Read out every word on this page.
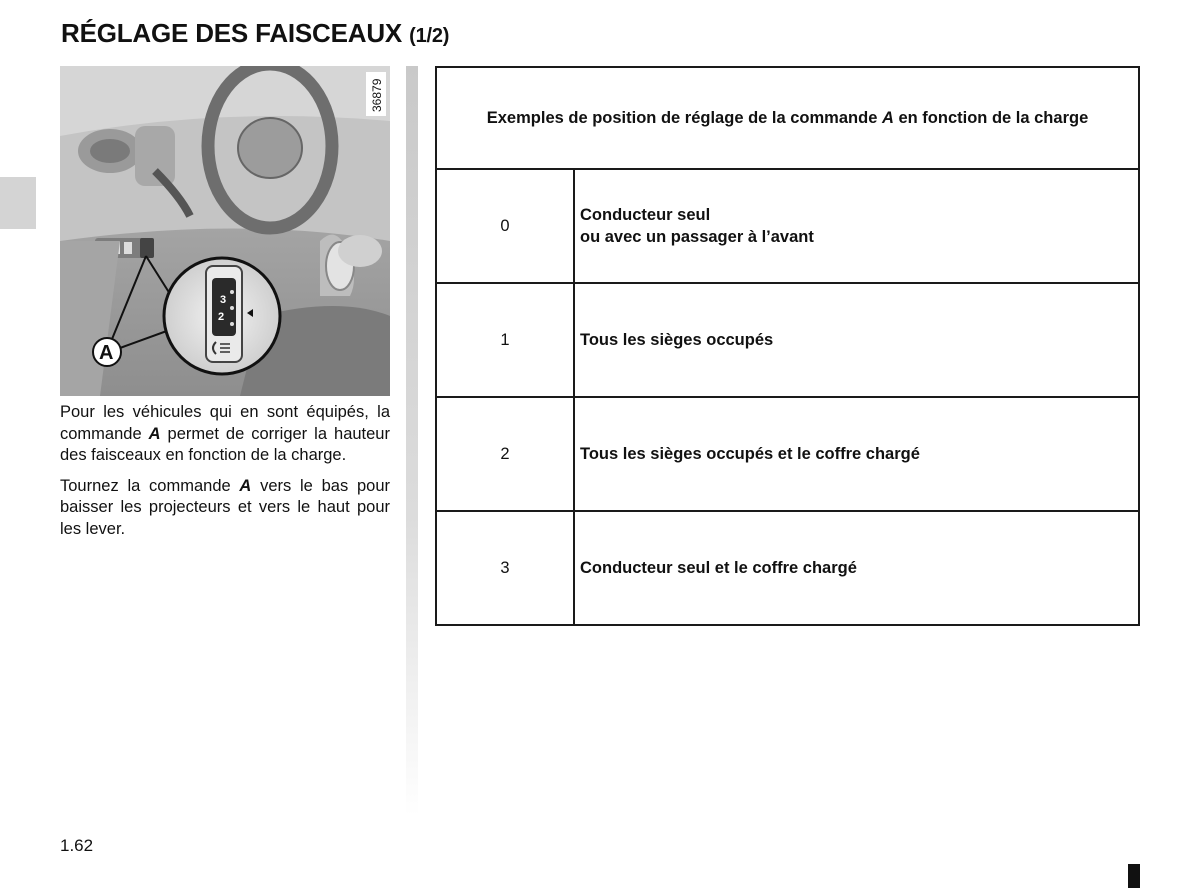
RÉGLAGE DES FAISCEAUX (1/2)
3
2
A
36879

Pour les véhicules qui en sont équipés, la commande A permet de corriger la hauteur des faisceaux en fonction de la charge.

Tournez la commande A vers le bas pour baisser les projecteurs et vers le haut pour les lever.

Exemples de position de réglage de la commande A en fonction de la charge	
0	Conducteur seul
ou avec un passager à l’avant

1	Tous les sièges occupés

2	Tous les sièges occupés et le coffre chargé

3	Conducteur seul et le coffre chargé
1.62
